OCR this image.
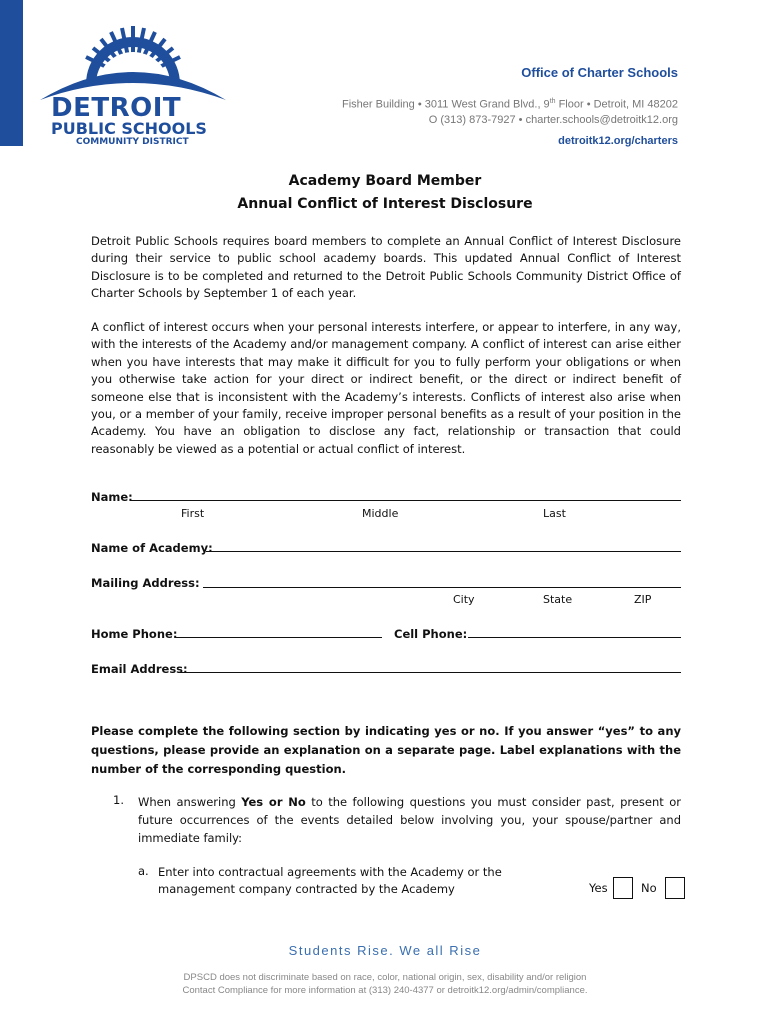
DETROIT
PUBLIC SCHOOLS
COMMUNITY DISTRICT
Office of Charter Schools
Fisher Building • 3011 West Grand Blvd., 9th Floor • Detroit, MI 48202
O (313) 873-7927 • charter.schools@detroitk12.org
detroitk12.org/charters
Academy Board Member
Annual Conflict of Interest Disclosure

Detroit Public Schools requires board members to complete an Annual Conflict of Interest Disclosure during their service to public school academy boards. This updated Annual Conflict of Interest Disclosure is to be completed and returned to the Detroit Public Schools Community District Office of Charter Schools by September 1 of each year.

A conflict of interest occurs when your personal interests interfere, or appear to interfere, in any way, with the interests of the Academy and/or management company. A conflict of interest can arise either when you have interests that may make it difficult for you to fully perform your obligations or when you otherwise take action for your direct or indirect benefit, or the direct or indirect benefit of someone else that is inconsistent with the Academy’s interests. Conflicts of interest also arise when you, or a member of your family, receive improper personal benefits as a result of your position in the Academy. You have an obligation to disclose any fact, relationship or transaction that could reasonably be viewed as a potential or actual conflict of interest.

Name:
First	Middle	Last
Name of Academy:
Mailing Address:
City	State	ZIP
Home Phone:	Cell Phone:
Email Address:

Please complete the following section by indicating yes or no. If you answer “yes” to any questions, please provide an explanation on a separate page. Label explanations with the number of the corresponding question.

1. When answering Yes or No to the following questions you must consider past, present or future occurrences of the events detailed below involving you, your spouse/partner and immediate family:

a. Enter into contractual agreements with the Academy or the management company contracted by the Academy	Yes	No
Students Rise. We all Rise
DPSCD does not discriminate based on race, color, national origin, sex, disability and/or religion
Contact Compliance for more information at (313) 240-4377 or detroitk12.org/admin/compliance.
